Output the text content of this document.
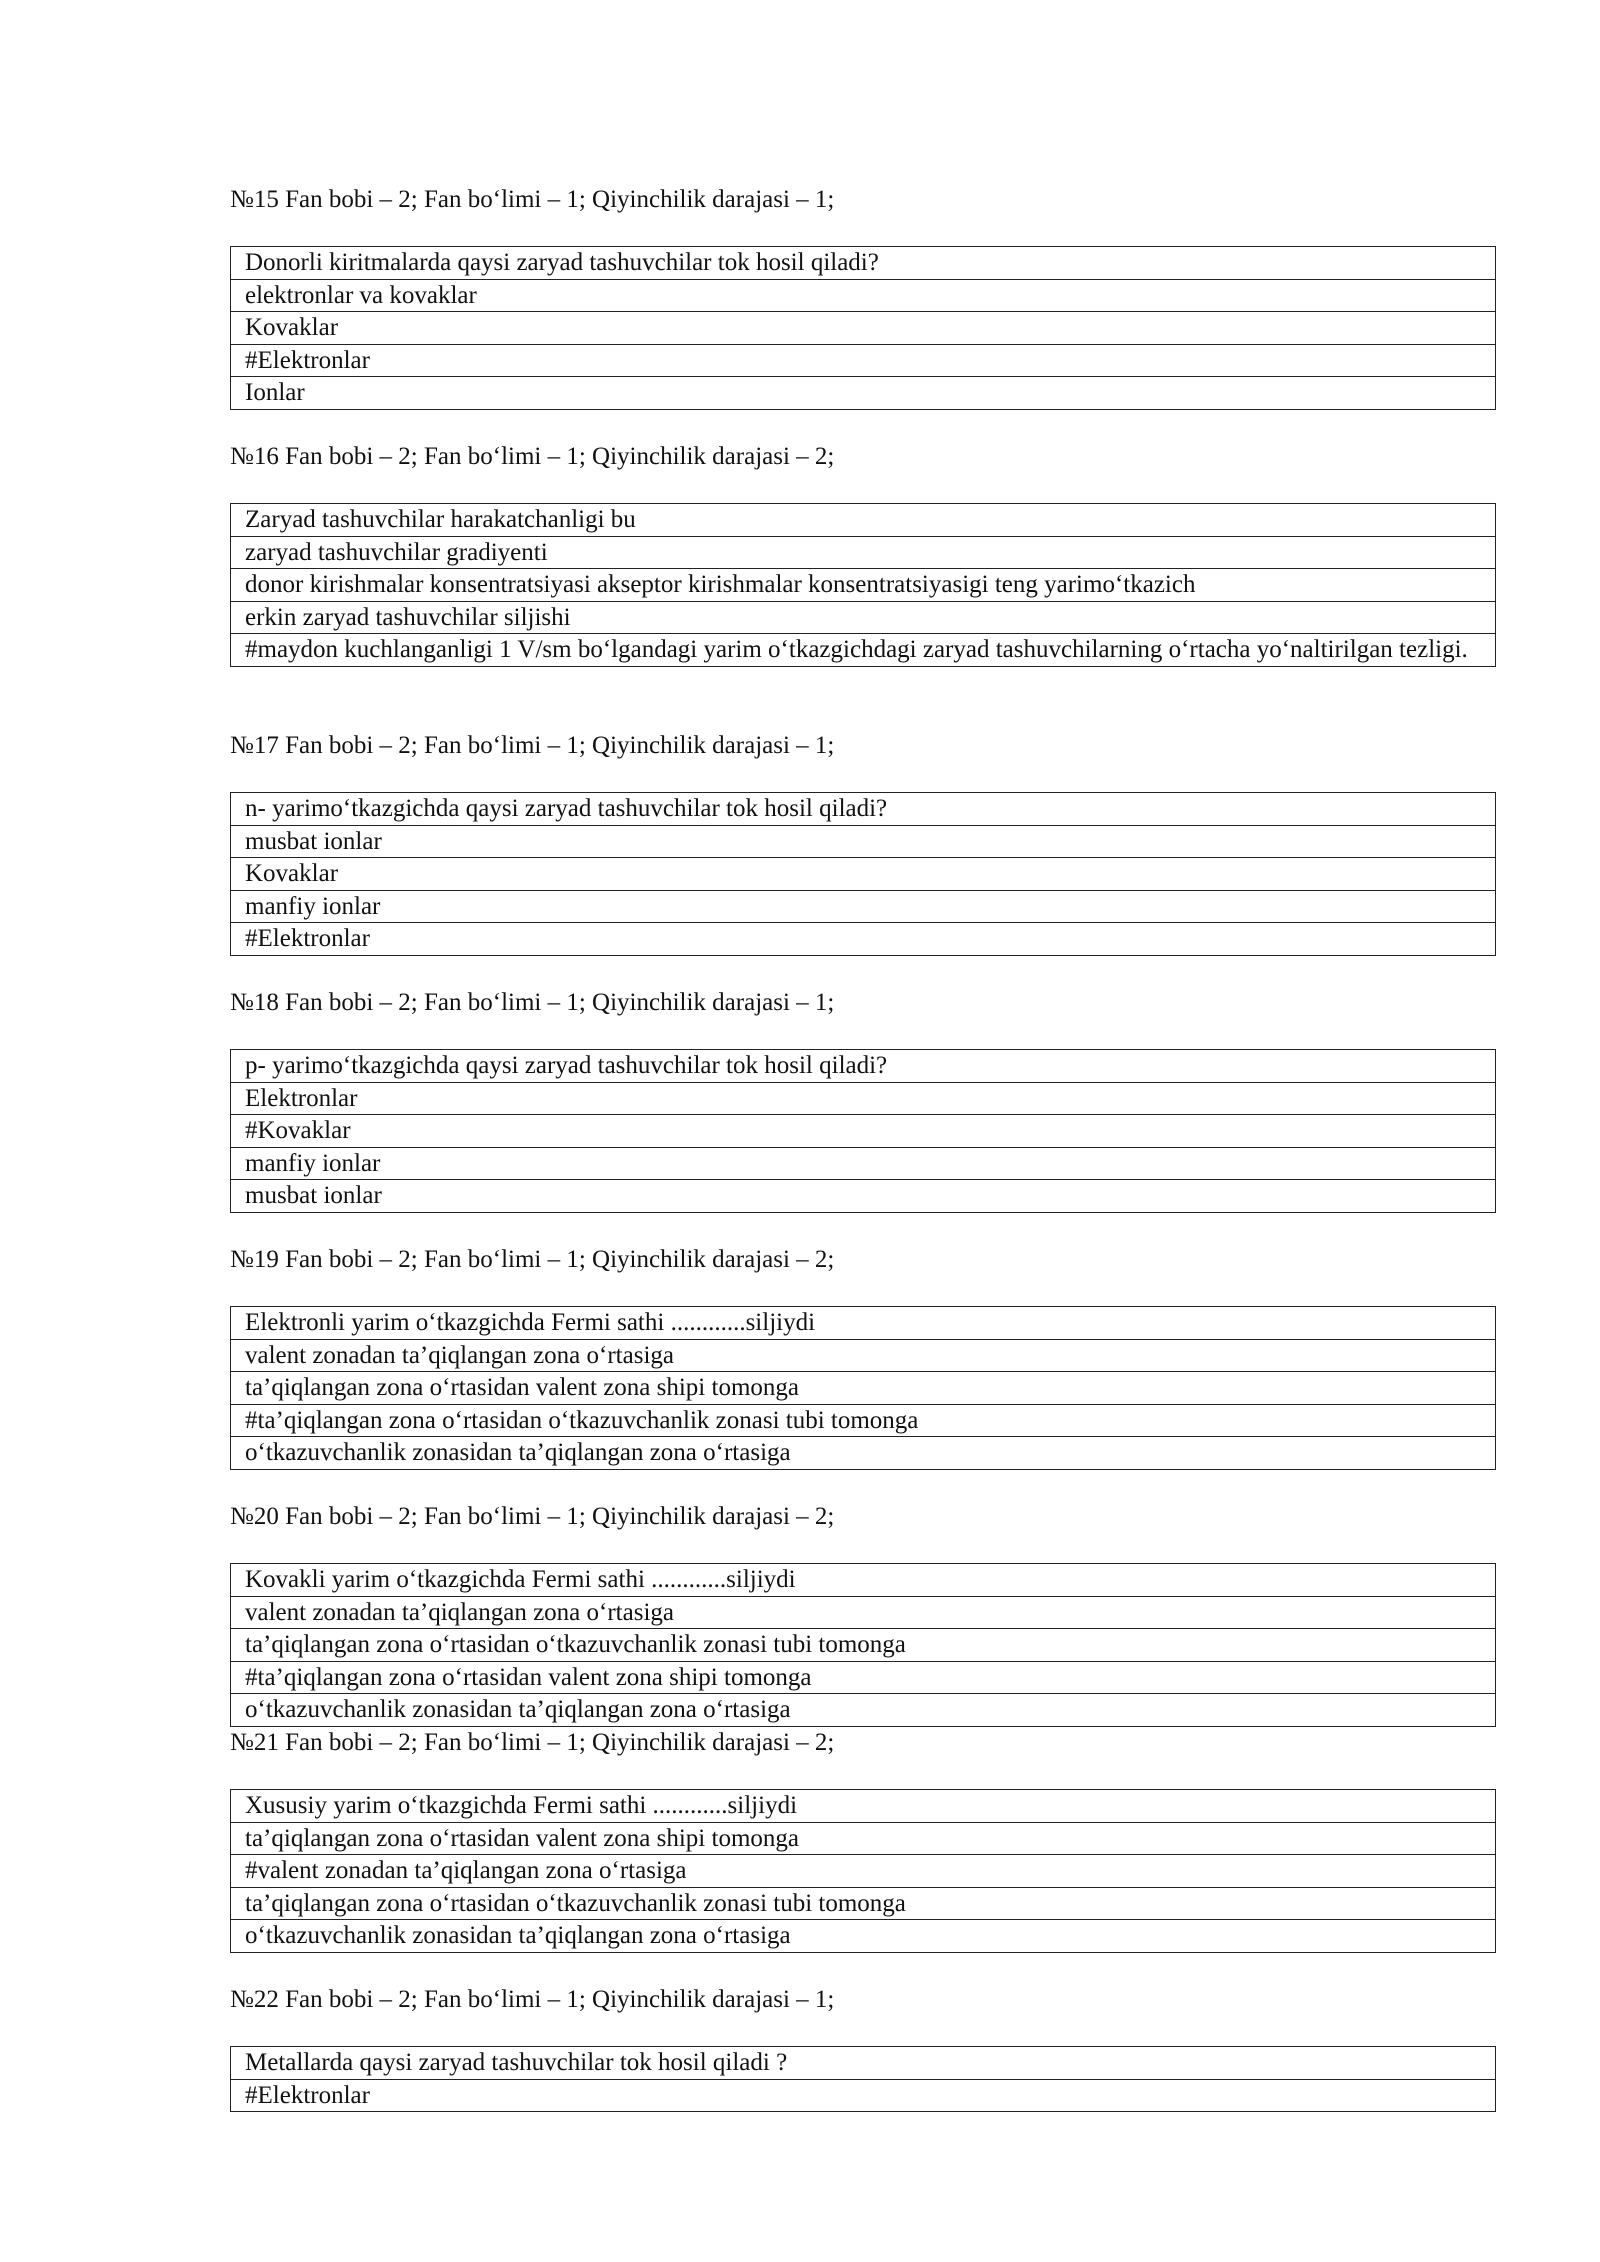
№15 Fan bobi – 2; Fan bo‘limi – 1; Qiyinchilik darajasi – 1;
Donorli kiritmalarda qaysi zaryad tashuvchilar tok hosil qiladi?
elektronlar va kovaklar
Kovaklar
#Elektronlar
Ionlar
№16 Fan bobi – 2; Fan bo‘limi – 1; Qiyinchilik darajasi – 2;
Zaryad tashuvchilar harakatchanligi bu
zaryad tashuvchilar gradiyenti
donor kirishmalar konsentratsiyasi akseptor kirishmalar konsentratsiyasigi teng yarimo‘tkazich
erkin zaryad tashuvchilar siljishi
#maydon kuchlanganligi 1 V/sm bo‘lgandagi yarim o‘tkazgichdagi zaryad tashuvchilarning o‘rtacha yo‘naltirilgan tezligi.
№17 Fan bobi – 2; Fan bo‘limi – 1; Qiyinchilik darajasi – 1;
n- yarimo‘tkazgichda qaysi zaryad tashuvchilar tok hosil qiladi?
musbat ionlar
Kovaklar
manfiy ionlar
#Elektronlar
№18 Fan bobi – 2; Fan bo‘limi – 1; Qiyinchilik darajasi – 1;
p- yarimo‘tkazgichda qaysi zaryad tashuvchilar tok hosil qiladi?
Elektronlar
#Kovaklar
manfiy ionlar
musbat ionlar
№19 Fan bobi – 2; Fan bo‘limi – 1; Qiyinchilik darajasi – 2;
Elektronli yarim o‘tkazgichda Fermi sathi ............siljiydi
valent zonadan ta’qiqlangan zona o‘rtasiga
ta’qiqlangan zona o‘rtasidan valent zona shipi tomonga
#ta’qiqlangan zona o‘rtasidan o‘tkazuvchanlik zonasi tubi tomonga
o‘tkazuvchanlik zonasidan ta’qiqlangan zona o‘rtasiga
№20 Fan bobi – 2; Fan bo‘limi – 1; Qiyinchilik darajasi – 2;
Kovakli yarim o‘tkazgichda Fermi sathi ............siljiydi
valent zonadan ta’qiqlangan zona o‘rtasiga
ta’qiqlangan zona o‘rtasidan o‘tkazuvchanlik zonasi tubi tomonga
#ta’qiqlangan zona o‘rtasidan valent zona shipi tomonga
o‘tkazuvchanlik zonasidan ta’qiqlangan zona o‘rtasiga
№21 Fan bobi – 2; Fan bo‘limi – 1; Qiyinchilik darajasi – 2;
Xususiy yarim o‘tkazgichda Fermi sathi ............siljiydi
ta’qiqlangan zona o‘rtasidan valent zona shipi tomonga
#valent zonadan ta’qiqlangan zona o‘rtasiga
ta’qiqlangan zona o‘rtasidan o‘tkazuvchanlik zonasi tubi tomonga
o‘tkazuvchanlik zonasidan ta’qiqlangan zona o‘rtasiga
№22 Fan bobi – 2; Fan bo‘limi – 1; Qiyinchilik darajasi – 1;
Metallarda qaysi zaryad tashuvchilar tok hosil qiladi ?
#Elektronlar
